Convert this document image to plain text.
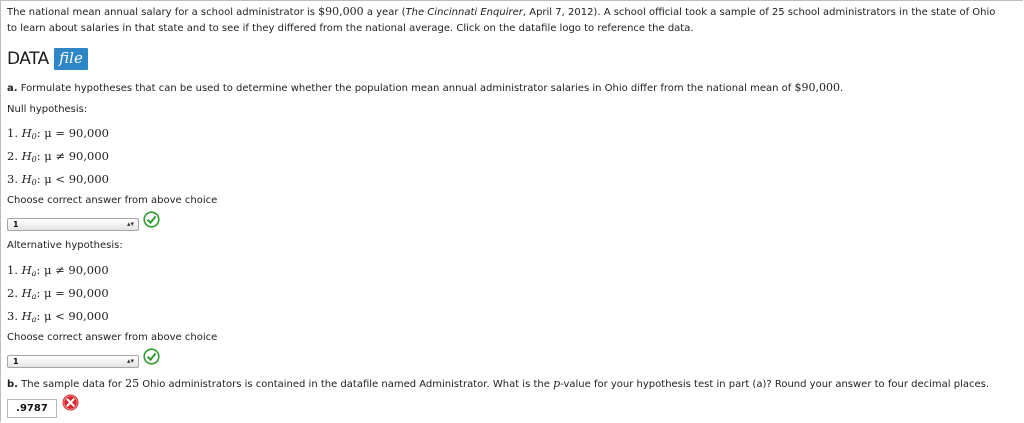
The national mean annual salary for a school administrator is $90,000 a year (The Cincinnati Enquirer, April 7, 2012). A school official took a sample of 25 school administrators in the state of Ohio
to learn about salaries in that state and to see if they differed from the national average. Click on the datafile logo to reference the data.
DATA file
a. Formulate hypotheses that can be used to determine whether the population mean annual administrator salaries in Ohio differ from the national mean of $90,000.
Null hypothesis:
1. $H_0$: μ = 90,000
2. $H_0$: μ ≠ 90,000
3. $H_0$: μ < 90,000
Choose correct answer from above choice
1	▴▾
Alternative hypothesis:
1. $H_a$: μ ≠ 90,000
2. $H_a$: μ = 90,000
3. $H_a$: μ < 90,000
Choose correct answer from above choice
1	▴▾
b. The sample data for 25 Ohio administrators is contained in the datafile named Administrator. What is the p-value for your hypothesis test in part (a)? Round your answer to four decimal places.
.9787
